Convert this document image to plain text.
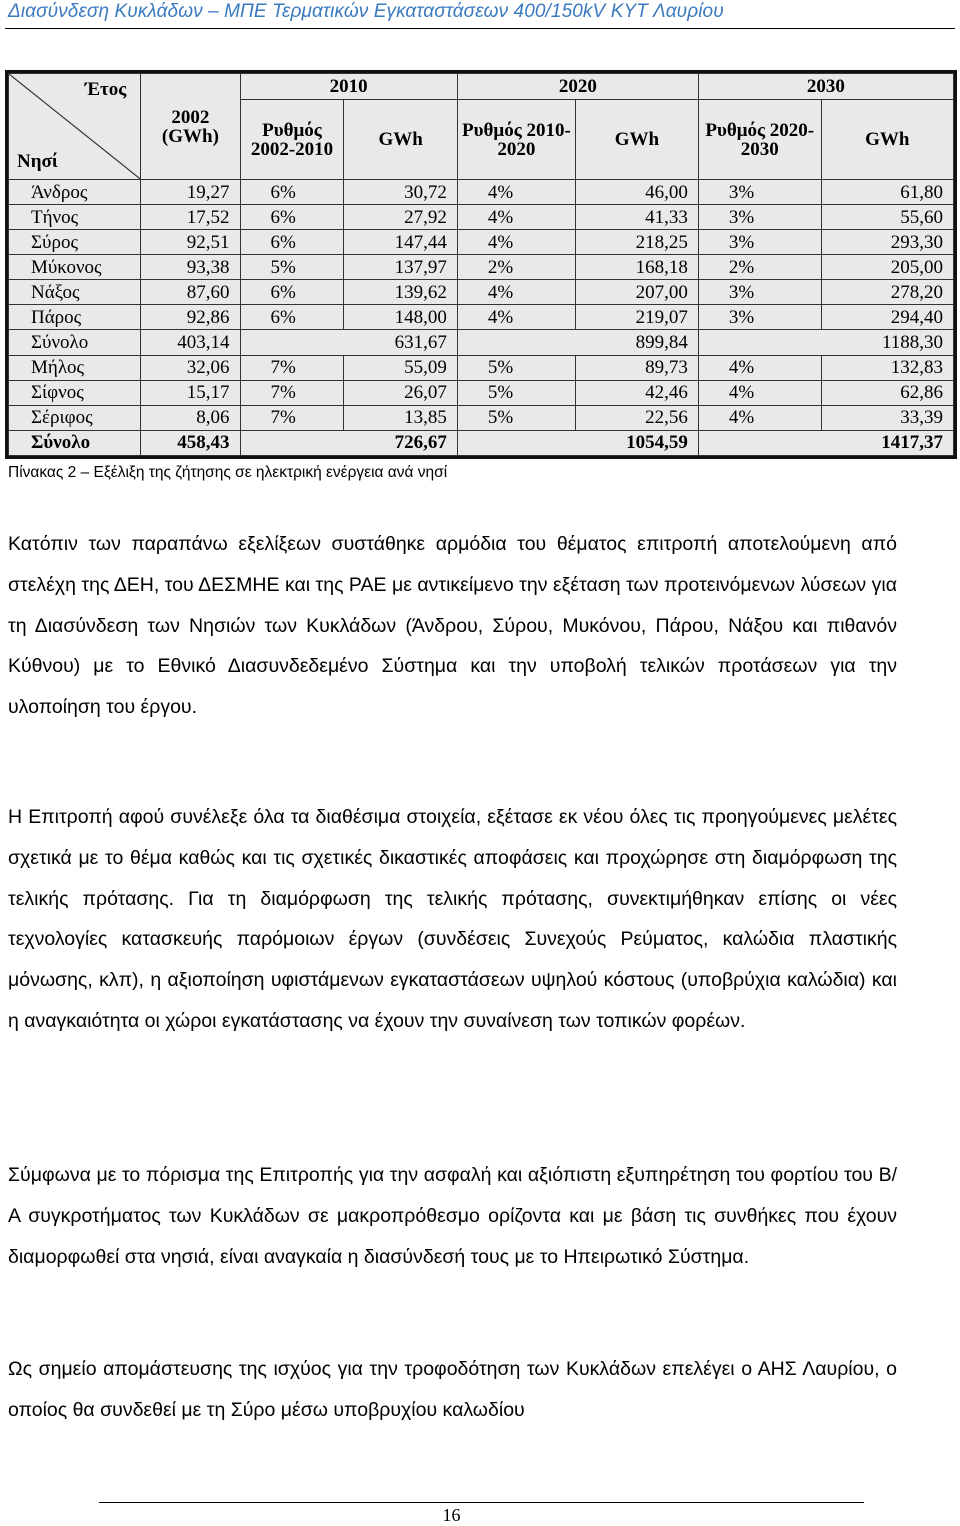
Διασύνδεση Κυκλάδων – ΜΠΕ Τερματικών Εγκαταστάσεων 400/150kV ΚΥΤ Λαυρίου
Έτος
Νησί	2002 (GWh)	2010		2020		2030	
		Ρυθμός 2002-2010	GWh	Ρυθμός 2010-2020	GWh	Ρυθμός 2020-2030	GWh
Άνδρος	19,27	6%	30,72	4%	46,00	3%	61,80
Τήνος	17,52	6%	27,92	4%	41,33	3%	55,60
Σύρος	92,51	6%	147,44	4%	218,25	3%	293,30
Μύκονος	93,38	5%	137,97	2%	168,18	2%	205,00
Νάξος	87,60	6%	139,62	4%	207,00	3%	278,20
Πάρος	92,86	6%	148,00	4%	219,07	3%	294,40
Σύνολο	403,14	631,67		899,84		1188,30	
Μήλος	32,06	7%	55,09	5%	89,73	4%	132,83
Σίφνος	15,17	7%	26,07	5%	42,46	4%	62,86
Σέριφος	8,06	7%	13,85	5%	22,56	4%	33,39
Σύνολο	458,43	726,67		1054,59		1417,37	
Πίνακας 2 – Εξέλιξη της ζήτησης σε ηλεκτρική ενέργεια ανά νησί

Κατόπιν των παραπάνω εξελίξεων συστάθηκε αρμόδια του θέματος επιτροπή αποτελούμενη από στελέχη της ΔΕΗ, του ΔΕΣΜΗΕ και της ΡΑΕ με αντικείμενο την εξέταση των προτεινόμενων λύσεων για τη Διασύνδεση των Νησιών των Κυκλάδων (Άνδρου, Σύρου, Μυκόνου, Πάρου, Νάξου και πιθανόν Κύθνου) με το Εθνικό Διασυνδεδεμένο Σύστημα και την υποβολή τελικών προτάσεων για την υλοποίηση του έργου.

Η Επιτροπή αφού συνέλεξε όλα τα διαθέσιμα στοιχεία, εξέτασε εκ νέου όλες τις προηγούμενες μελέτες σχετικά με το θέμα καθώς και τις σχετικές δικαστικές αποφάσεις και προχώρησε στη διαμόρφωση της τελικής πρότασης. Για τη διαμόρφωση της τελικής πρότασης, συνεκτιμήθηκαν επίσης οι νέες τεχνολογίες κατασκευής παρόμοιων έργων (συνδέσεις Συνεχούς Ρεύματος, καλώδια πλαστικής μόνωσης, κλπ), η αξιοποίηση υφιστάμενων εγκαταστάσεων υψηλού κόστους (υποβρύχια καλώδια) και η αναγκαιότητα οι χώροι εγκατάστασης να έχουν την συναίνεση των τοπικών φορέων.

Σύμφωνα με το πόρισμα της Επιτροπής για την ασφαλή και αξιόπιστη εξυπηρέτηση του φορτίου του Β/Α συγκροτήματος των Κυκλάδων σε μακροπρόθεσμο ορίζοντα και με βάση τις συνθήκες που έχουν διαμορφωθεί στα νησιά, είναι αναγκαία η διασύνδεσή τους με το Ηπειρωτικό Σύστημα.

Ως σημείο απομάστευσης της ισχύος για την τροφοδότηση των Κυκλάδων επελέγει ο ΑΗΣ Λαυρίου, ο οποίος θα συνδεθεί με τη Σύρο μέσω υποβρυχίου καλωδίου

16
